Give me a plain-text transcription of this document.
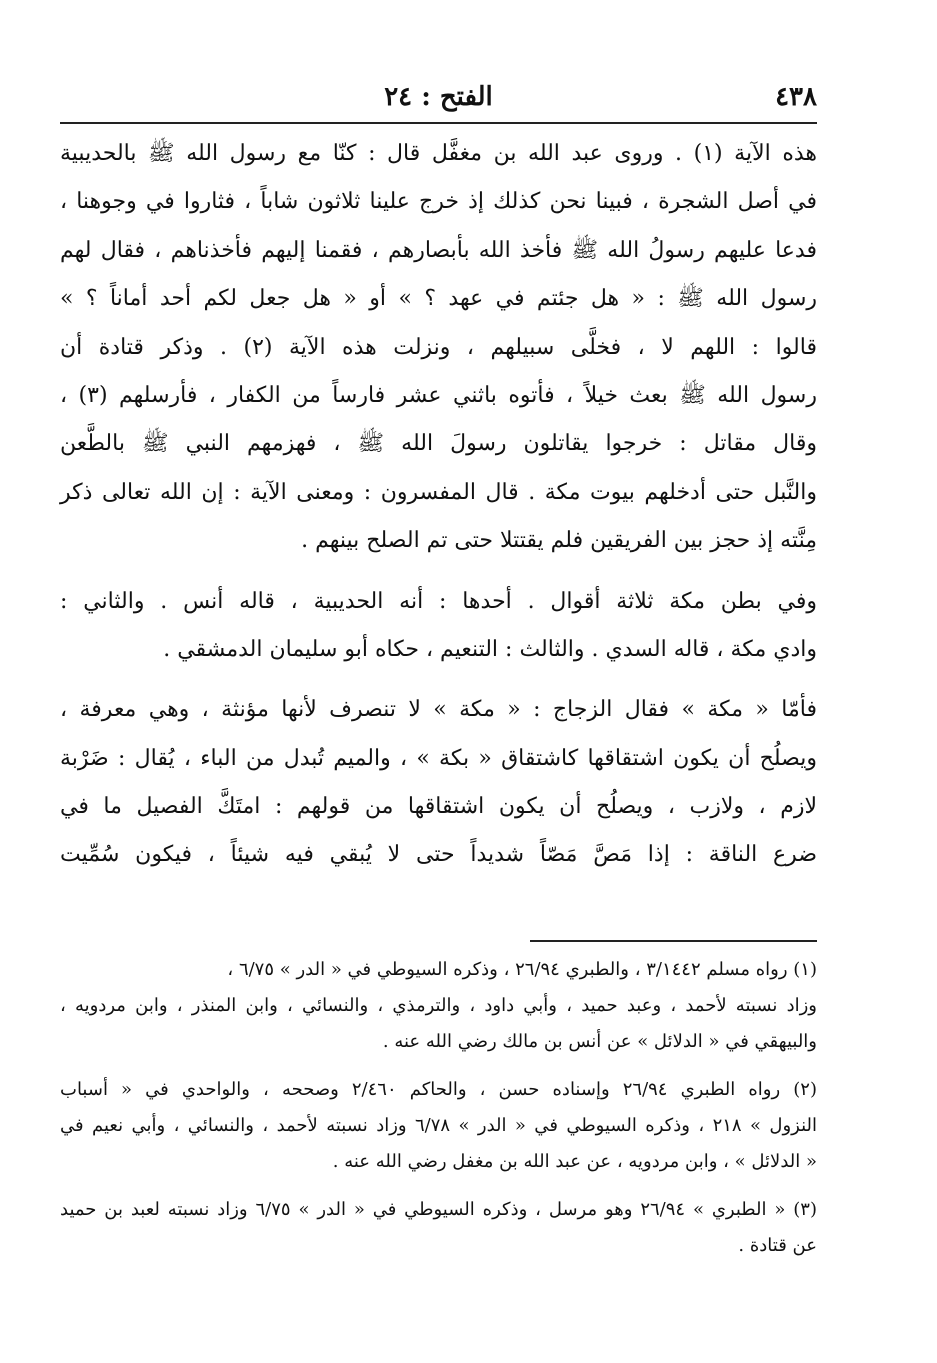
٤٣٨
الفتح : ٢٤
هذه الآية (١) . وروى عبد الله بن مغفَّل قال : كنّا مع رسول الله ﷺ بالحديبية
في أصل الشجرة ، فبينا نحن كذلك إذ خرج علينا ثلاثون شاباً ، فثاروا في وجوهنا ،
فدعا عليهم رسولُ الله ﷺ فأخذ الله بأبصارهم ، فقمنا إليهم فأخذناهم ، فقال لهم
رسول الله ﷺ : « هل جئتم في عهد ؟ » أو « هل جعل لكم أحد أماناً ؟ »
قالوا : اللهم لا ، فخلَّى سبيلهم ، ونزلت هذه الآية (٢) . وذكر قتادة أن
رسول الله ﷺ بعث خيلاً ، فأتوه باثني عشر فارساً من الكفار ، فأرسلهم (٣) ،
وقال مقاتل : خرجوا يقاتلون رسولَ الله ﷺ ، فهزمهم النبي ﷺ بالطَّعن
والنَّبل حتى أدخلهم بيوت مكة . قال المفسرون : ومعنى الآية : إن الله تعالى ذكر
مِنَّته إذ حجز بين الفريقين فلم يقتتلا حتى تم الصلح بينهم .
وفي بطن مكة ثلاثة أقوال . أحدها : أنه الحديبية ، قاله أنس . والثاني :
وادي مكة ، قاله السدي . والثالث : التنعيم ، حكاه أبو سليمان الدمشقي .
فأمّا « مكة » فقال الزجاج : « مكة » لا تنصرف لأنها مؤنثة ، وهي معرفة ،
ويصلُح أن يكون اشتقاقها كاشتقاق « بكة » ، والميم تُبدل من الباء ، يُقال : ضَرْبة
لازم ، ولازب ، ويصلُح أن يكون اشتقاقها من قولهم : امتَكَّ الفصيل ما في
ضرع الناقة : إذا مَصَّ مَصّاً شديداً حتى لا يُبقي فيه شيئاً ، فيكون سُمِّيت
(١) رواه مسلم ٣/١٤٤٢ ، والطبري ٢٦/٩٤ ، وذكره السيوطي في « الدر » ٦/٧٥ ،
وزاد نسبته لأحمد ، وعبد حميد ، وأبي داود ، والترمذي ، والنسائي ، وابن المنذر ، وابن مردويه ،
والبيهقي في « الدلائل » عن أنس بن مالك رضي الله عنه .
(٢) رواه الطبري ٢٦/٩٤ وإسناده حسن ، والحاكم ٢/٤٦٠ وصححه ، والواحدي في « أسباب
النزول » ٢١٨ ، وذكره السيوطي في « الدر » ٦/٧٨ وزاد نسبته لأحمد ، والنسائي ، وأبي نعيم في
« الدلائل » ، وابن مردويه ، عن عبد الله بن مغفل رضي الله عنه .
(٣) « الطبري » ٢٦/٩٤ وهو مرسل ، وذكره السيوطي في « الدر » ٦/٧٥ وزاد نسبته لعبد بن حميد
عن قتادة .
